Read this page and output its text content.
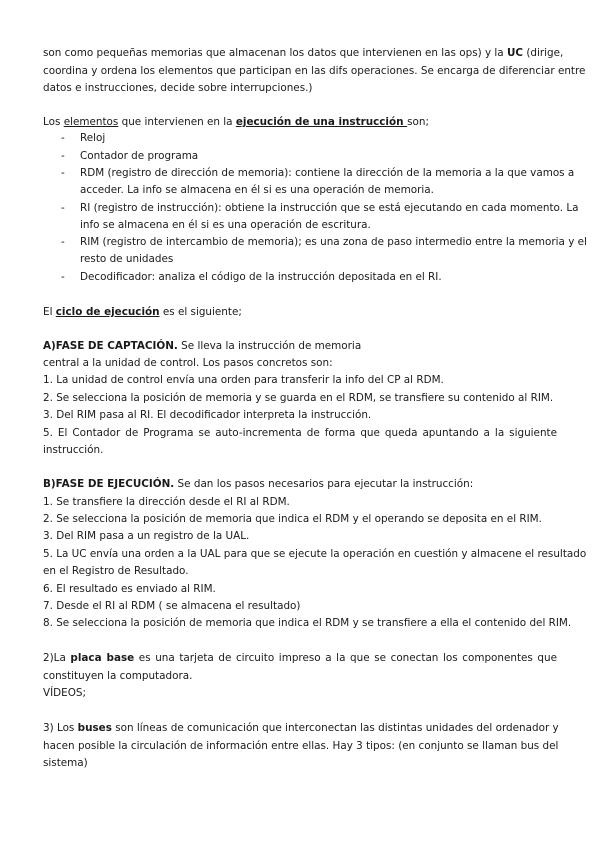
son como pequeñas memorias que almacenan los datos que intervienen en las ops) y la UC (dirige,
coordina y ordena los elementos que participan en las difs operaciones. Se encarga de diferenciar entre
datos e instrucciones, decide sobre interrupciones.)
Los elementos que intervienen en la ejecución de una instrucción son;
-	Reloj
-	Contador de programa
-	RDM (registro de dirección de memoria): contiene la dirección de la memoria a la que vamos a
acceder. La info se almacena en él si es una operación de memoria.
-	RI (registro de instrucción): obtiene la instrucción que se está ejecutando en cada momento. La
info se almacena en él si es una operación de escritura.
-	RIM (registro de intercambio de memoria); es una zona de paso intermedio entre la memoria y el
resto de unidades
-	Decodificador: analiza el código de la instrucción depositada en el RI.
El ciclo de ejecución es el siguiente;
A)FASE DE CAPTACIÓN. Se lleva la instrucción de memoria
central a la unidad de control. Los pasos concretos son:
1. La unidad de control envía una orden para transferir la info del CP al RDM.
2. Se selecciona la posición de memoria y se guarda en el RDM, se transfiere su contenido al RIM.
3. Del RIM pasa al RI. El decodificador interpreta la instrucción.
5. El Contador de Programa se auto-incrementa de forma que queda apuntando a la siguiente
instrucción.
B)FASE DE EJECUCIÓN. Se dan los pasos necesarios para ejecutar la instrucción:
1. Se transfiere la dirección desde el RI al RDM.
2. Se selecciona la posición de memoria que indica el RDM y el operando se deposita en el RIM.
3. Del RIM pasa a un registro de la UAL.
5. La UC envía una orden a la UAL para que se ejecute la operación en cuestión y almacene el resultado
en el Registro de Resultado.
6. El resultado es enviado al RIM.
7. Desde el RI al RDM ( se almacena el resultado)
8. Se selecciona la posición de memoria que indica el RDM y se transfiere a ella el contenido del RIM.
2)La placa base es una tarjeta de circuito impreso a la que se conectan los componentes que
constituyen la computadora.
VÍDEOS;
3) Los buses son líneas de comunicación que interconectan las distintas unidades del ordenador y
hacen posible la circulación de información entre ellas. Hay 3 tipos: (en conjunto se llaman bus del
sistema)
